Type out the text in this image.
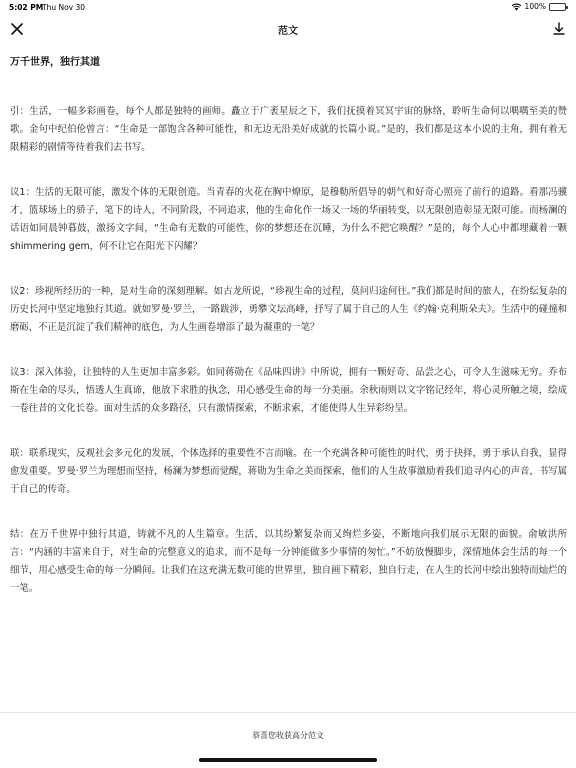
5:02 PM
Thu Nov 30	100%
范文
万千世界，独行其道

引：生活，一幅多彩画卷，每个人都是独特的画师。矗立于广袤星辰之下，我们抚摸着冥冥宇宙的脉络，聆听生命何以喁喁至美的赞歌。金句中纪伯伦曾言：“生命是一部饱含各种可能性，和无边无沿美好成就的长篇小说。”是的，我们都是这本小说的主角，拥有着无限精彩的剧情等待着我们去书写。

议1：生活的无限可能，激发个体的无限创造。当青春的火花在胸中燎原，是穆勒所倡导的朝气和好奇心照亮了前行的道路。看那冯骥才，篮球场上的骄子，笔下的诗人，不同阶段，不同追求，他的生命化作一场又一场的华丽转变，以无限创造彰显无限可能。而杨澜的话语如同晨钟暮鼓，激扬文字间，“生命有无数的可能性，你的梦想还在沉睡，为什么不把它唤醒？”是的，每个人心中都埋藏着一颗shimmering gem，何不让它在阳光下闪耀？

议2：珍视所经历的一种，是对生命的深刻理解。如古龙所说，“珍视生命的过程，莫问归途何往。”我们都是时间的旅人，在纷纭复杂的历史长河中坚定地独行其道。就如罗曼·罗兰，一路跋涉，勇攀文坛高峰，抒写了属于自己的人生《约翰·克利斯朵夫》。生活中的碰撞和磨砺，不正是沉淀了我们精神的底色，为人生画卷增添了最为凝重的一笔？

议3：深入体验，让独特的人生更加丰富多彩。如同蒋勋在《品味四讲》中所说，拥有一颗好奇、品尝之心，可令人生滋味无穷。乔布斯在生命的尽头，悟透人生真谛，他放下求胜的执念，用心感受生命的每一分美丽。余秋雨则以文字铭记经年，将心灵所触之境，绘成一卷往昔的文化长卷。面对生活的众多路径，只有激情探索，不断求索，才能使得人生异彩纷呈。

联：联系现实，反观社会多元化的发展，个体选择的重要性不言而喻。在一个充满各种可能性的时代，勇于抉择，勇于承认自我，显得愈发重要。罗曼·罗兰为理想而坚持，杨澜为梦想而觉醒，蒋勋为生命之美而探索，他们的人生故事激励着我们追寻内心的声音，书写属于自己的传奇。

结：在万千世界中独行其道，铸就不凡的人生篇章。生活，以其纷繁复杂而又绚烂多姿，不断地向我们展示无限的面貌。俞敏洪所言：“内涵的丰富来自于，对生命的完整意义的追求，而不是每一分钟能做多少事情的匆忙。”不妨放慢脚步，深情地体会生活的每一个细节，用心感受生命的每一分瞬间。让我们在这充满无数可能的世界里，独自画下精彩，独自行走，在人生的长河中绘出独特而灿烂的一笔。

恭喜您收获高分范文
